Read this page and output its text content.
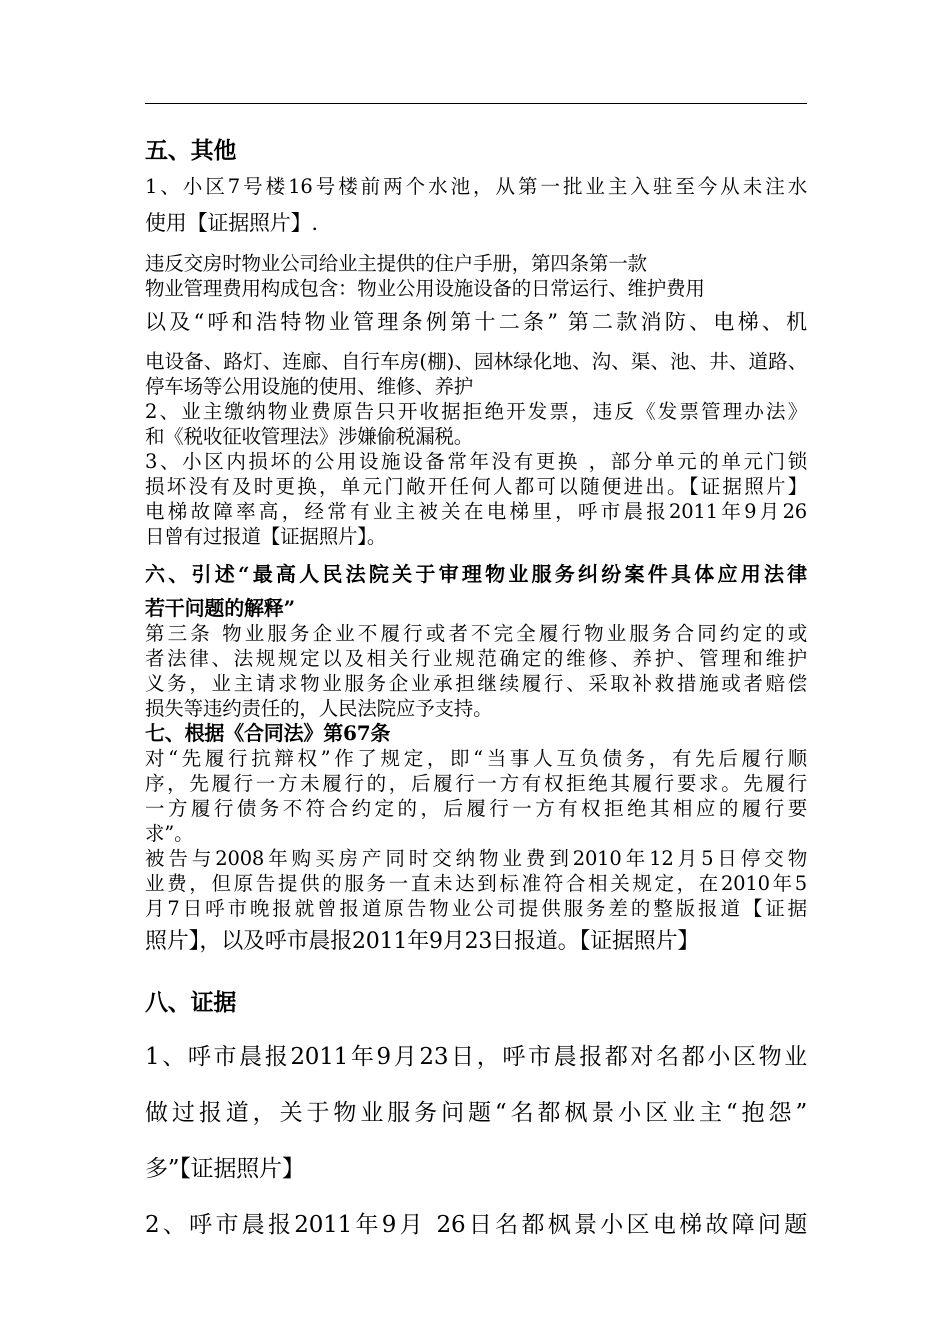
五、其他
1、小区7号楼16号楼前两个水池，从第一批业主入驻至今从未注水
使用【证据照片】.
违反交房时物业公司给业主提供的住户手册，第四条第一款
物业管理费用构成包含：物业公用设施设备的日常运行、维护费用
以及“呼和浩特物业管理条例第十二条” 第二款消防、电梯、机
电设备、路灯、连廊、自行车房(棚)、园林绿化地、沟、渠、池、井、道路、
停车场等公用设施的使用、维修、养护
2、业主缴纳物业费原告只开收据拒绝开发票，违反《发票管理办法》
和《税收征收管理法》涉嫌偷税漏税。
3、小区内损坏的公用设施设备常年没有更换 ，部分单元的单元门锁
损坏没有及时更换，单元门敞开任何人都可以随便进出。【证据照片】
电梯故障率高，经常有业主被关在电梯里，呼市晨报2011年9月26
日曾有过报道【证据照片】。
六、引述“最高人民法院关于审理物业服务纠纷案件具体应用法律
若干问题的解释”
第三条 物业服务企业不履行或者不完全履行物业服务合同约定的或
者法律、法规规定以及相关行业规范确定的维修、养护、管理和维护
义务，业主请求物业服务企业承担继续履行、采取补救措施或者赔偿
损失等违约责任的，人民法院应予支持。
七、根据《合同法》第67条
对“先履行抗辩权”作了规定，即“当事人互负债务，有先后履行顺
序，先履行一方未履行的，后履行一方有权拒绝其履行要求。先履行
一方履行债务不符合约定的，后履行一方有权拒绝其相应的履行要
求”。
被告与2008年购买房产同时交纳物业费到2010年12月5日停交物
业费，但原告提供的服务一直未达到标准符合相关规定，在2010年5
月7日呼市晚报就曾报道原告物业公司提供服务差的整版报道【证据
照片】，以及呼市晨报2011年9月23日报道。【证据照片】
八、证据
1、呼市晨报2011年9月23日，呼市晨报都对名都小区物业
做过报道，关于物业服务问题“名都枫景小区业主“抱怨”
多”【证据照片】
2、呼市晨报2011年9月 26日名都枫景小区电梯故障问题
